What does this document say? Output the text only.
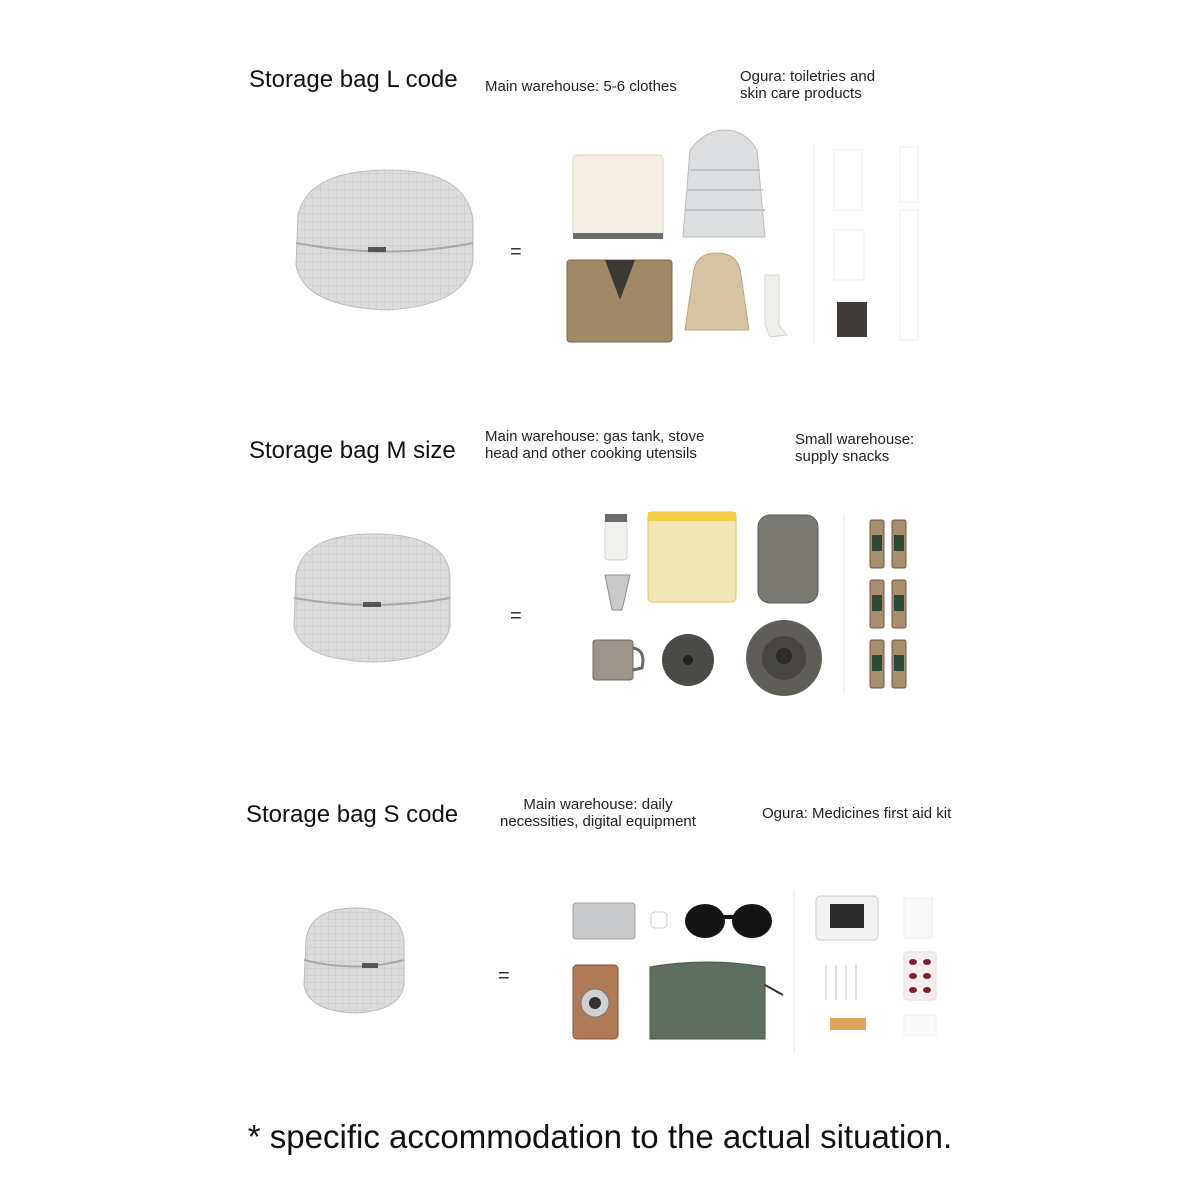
Storage bag L code Main warehouse: 5-6 clothes
Ogura: toiletries and
skin care products
=
Storage bag M size
Main warehouse: gas tank, stove
head and other cooking utensils
Small warehouse:
supply snacks
=
Storage bag S code	Main warehouse: daily
necessities, digital equipment	Ogura: Medicines first aid kit
=
* specific accommodation to the actual situation.
